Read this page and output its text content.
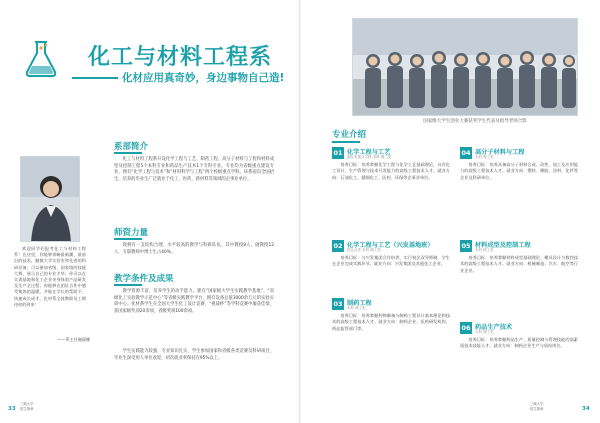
化工与材料工程系
化材应用真奇妙，身边事物自己造!
国家级大学生创业大赛获奖学生代表及指导老师合影
欢迎同学们报考化工与材料工程系！在这里，你能够领略最新潮、最前沿的技术，触摸大学实验室和先进的科研设备；可以参加省级、国家级的技能大赛，展示自己的专业才华；你可以在实训基地和化工企业亲身体验产品研发及生产全过程；你能够在团队合作中感受集体的温暖，并能在学长的帮助下，快速成长成才。化材系全体教职员工期待你的到来！
——系主任谢丽娜
系部简介
化工与材料工程系开设化学工程与工艺、制药工程、高分子材料与工程和材料成型及控制工程5个本科专业和药品生产技术1个专科专业。专业均为省级重点建设专业，拥有“化学工程与技术”和“材料科学与工程”两个校级重点学科。该系面向全国招生，培养的毕业生广泛就业于化工、医药、新材料等领域的企事业单位。
师资力量
现拥有一支结构合理、水平较高的教学与科研队伍。其中教授8人，副教授12人，专职教师中博士生占40%。
教学条件及成果
教学资源丰富，培养学生的动手能力。建有“国家级大学生实践教学基地”、“省级化工实验教学示范中心”等省级实践教学平台，拥有设备总值3000余万元的实验实训中心。化材系学生在全国大学生化工设计竞赛、“挑战杯”等学科竞赛中屡获佳绩，获国家级奖项20余项，省级奖项100余项。
学生实践能力较强，专业知识扎实，学生参加国家和省级各类竞赛及科研项目，毕业生深受用人单位欢迎，初次就业率保持在95%以上。
专业介绍
01 化学工程与工艺
湖北省重点学科 本科 理工类
培养目标：培养掌握化学工程与化学工艺基础理论，具有化工设计、生产管理与技术开发能力的高级工程技术人才。就业方向：石油化工、精细化工、医药、环保等企事业单位。
02 化学工程与工艺（兴发基地班）
校企合作 本科 理工类
培养目标：与兴发集团合作培养，实行校企双导师制，学生在企业完成实践环节。就业方向：兴发集团及其他化工企业。
03 制药工程
本科 理工类
培养目标：培养掌握药物制备与制药工程设计基本理论和技术的高级工程技术人才。就业方向：制药企业、医药研发机构、药品监管部门等。
04 高分子材料与工程
本科 理工类
培养目标：培养具备高分子材料合成、改性、加工及应用能力的高级工程技术人才。就业方向：塑料、橡胶、涂料、化纤等企业及科研单位。
05 材料成型及控制工程
本科 理工类
培养目标：培养掌握材料成型基础理论、模具设计与数控技术的高级工程技术人才。就业方向：机械制造、汽车、航空等行业企业。
06 药品生产技术
专科 理工类
培养目标：培养掌握药品生产、质量控制与管理技能的高素质技术技能人才。就业方向：制药企业生产与质检岗位。
33
三峡大学
招生简章
三峡大学
招生简章	34
